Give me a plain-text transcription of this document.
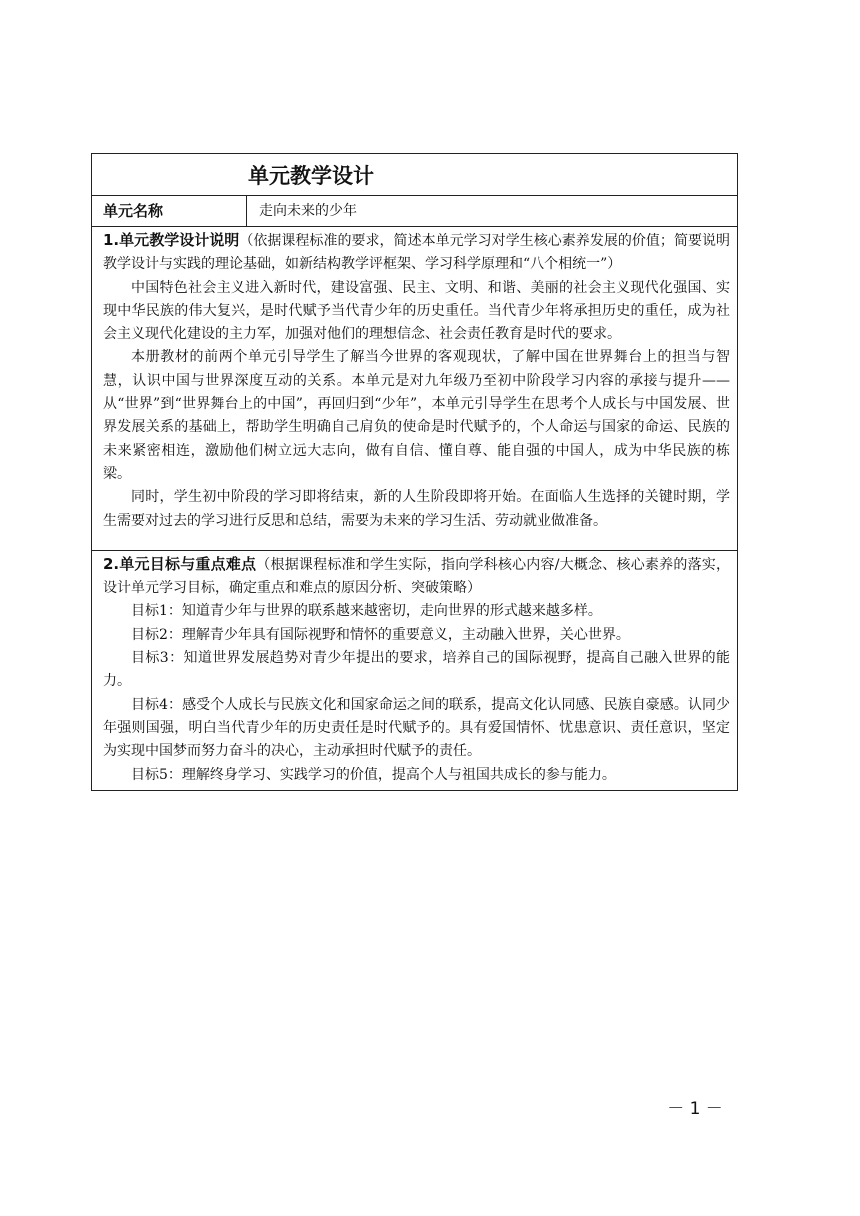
单元教学设计

单元名称	走向未来的少年

1.单元教学设计说明（依据课程标准的要求，简述本单元学习对学生核心素养发展的价值；简要说明教学设计与实践的理论基础，如新结构教学评框架、学习科学原理和“八个相统一”）

中国特色社会主义进入新时代，建设富强、民主、文明、和谐、美丽的社会主义现代化强国、实现中华民族的伟大复兴，是时代赋予当代青少年的历史重任。当代青少年将承担历史的重任，成为社会主义现代化建设的主力军，加强对他们的理想信念、社会责任教育是时代的要求。

本册教材的前两个单元引导学生了解当今世界的客观现状，了解中国在世界舞台上的担当与智慧，认识中国与世界深度互动的关系。本单元是对九年级乃至初中阶段学习内容的承接与提升——从“世界”到“世界舞台上的中国”，再回归到“少年”，本单元引导学生在思考个人成长与中国发展、世界发展关系的基础上，帮助学生明确自己肩负的使命是时代赋予的，个人命运与国家的命运、民族的未来紧密相连，激励他们树立远大志向，做有自信、懂自尊、能自强的中国人，成为中华民族的栋梁。

同时，学生初中阶段的学习即将结束，新的人生阶段即将开始。在面临人生选择的关键时期，学生需要对过去的学习进行反思和总结，需要为未来的学习生活、劳动就业做准备。

2.单元目标与重点难点（根据课程标准和学生实际，指向学科核心内容/大概念、核心素养的落实，设计单元学习目标，确定重点和难点的原因分析、突破策略）

目标1：知道青少年与世界的联系越来越密切，走向世界的形式越来越多样。

目标2：理解青少年具有国际视野和情怀的重要意义，主动融入世界，关心世界。

目标3：知道世界发展趋势对青少年提出的要求，培养自己的国际视野，提高自己融入世界的能力。

目标4：感受个人成长与民族文化和国家命运之间的联系，提高文化认同感、民族自豪感。认同少年强则国强，明白当代青少年的历史责任是时代赋予的。具有爱国情怀、忧患意识、责任意识，坚定为实现中国梦而努力奋斗的决心，主动承担时代赋予的责任。

目标5：理解终身学习、实践学习的价值，提高个人与祖国共成长的参与能力。

－ 1 －
